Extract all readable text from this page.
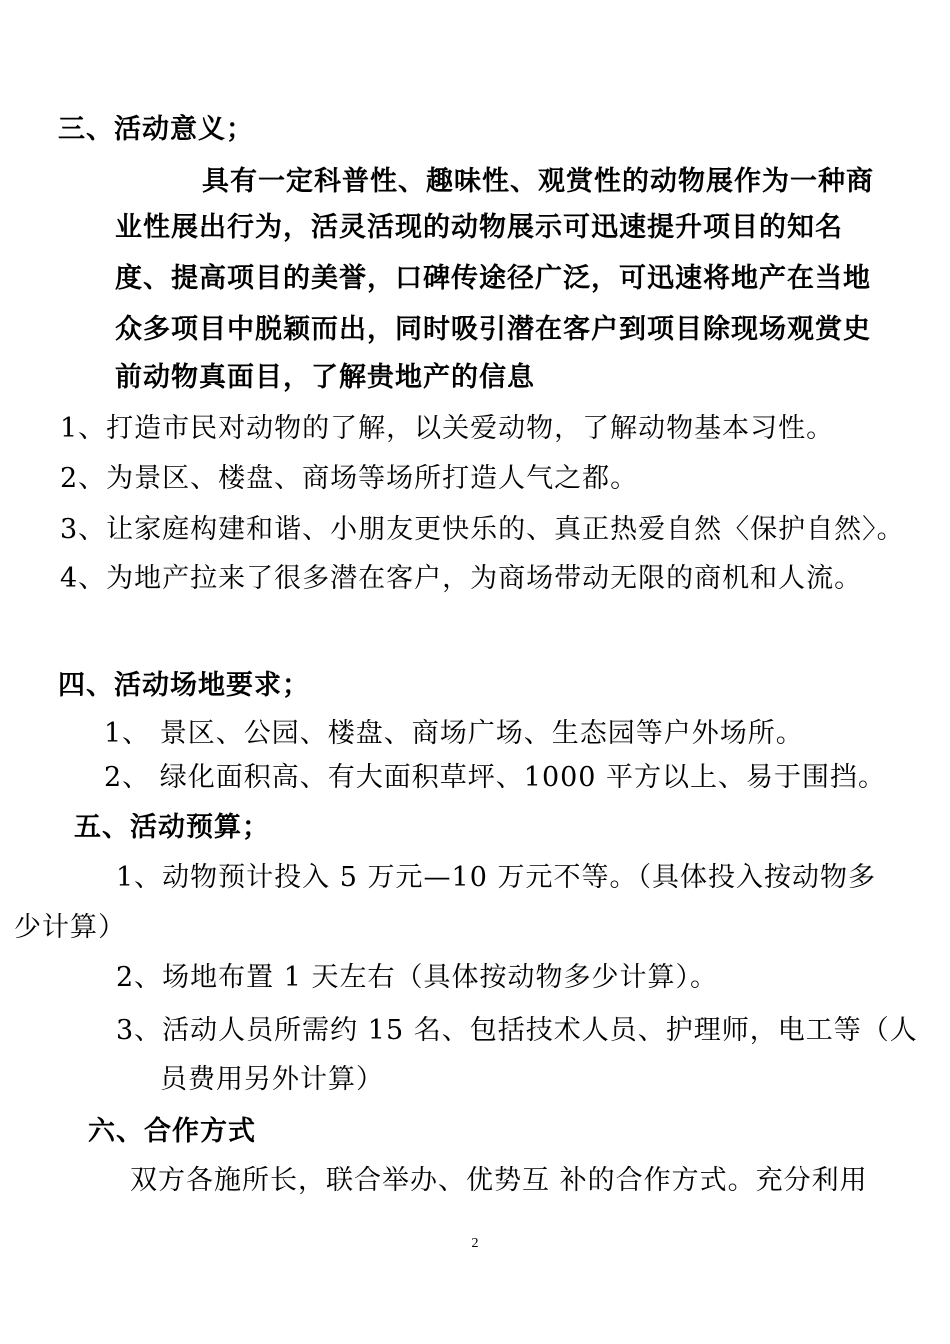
三、活动意义；
具有一定科普性、趣味性、观赏性的动物展作为一种商
业性展出行为，活灵活现的动物展示可迅速提升项目的知名
度、提高项目的美誉，口碑传途径广泛，可迅速将地产在当地
众多项目中脱颖而出，同时吸引潜在客户到项目除现场观赏史
前动物真面目，了解贵地产的信息
1、打造市民对动物的了解，以关爱动物，了解动物基本习性。
2、为景区、楼盘、商场等场所打造人气之都。
3、让家庭构建和谐、小朋友更快乐的、真正热爱自然〈保护自然〉。
4、为地产拉来了很多潜在客户，为商场带动无限的商机和人流。
四、活动场地要求；
1、 景区、公园、楼盘、商场广场、生态园等户外场所。
2、 绿化面积高、有大面积草坪、1000 平方以上、易于围挡。
五、活动预算；
1、动物预计投入 5 万元—10 万元不等。（具体投入按动物多
少计算）
2、场地布置 1 天左右（具体按动物多少计算）。
3、活动人员所需约 15 名、包括技术人员、护理师，电工等（人
员费用另外计算）
六、合作方式
双方各施所长，联合举办、优势互 补的合作方式。充分利用
2
